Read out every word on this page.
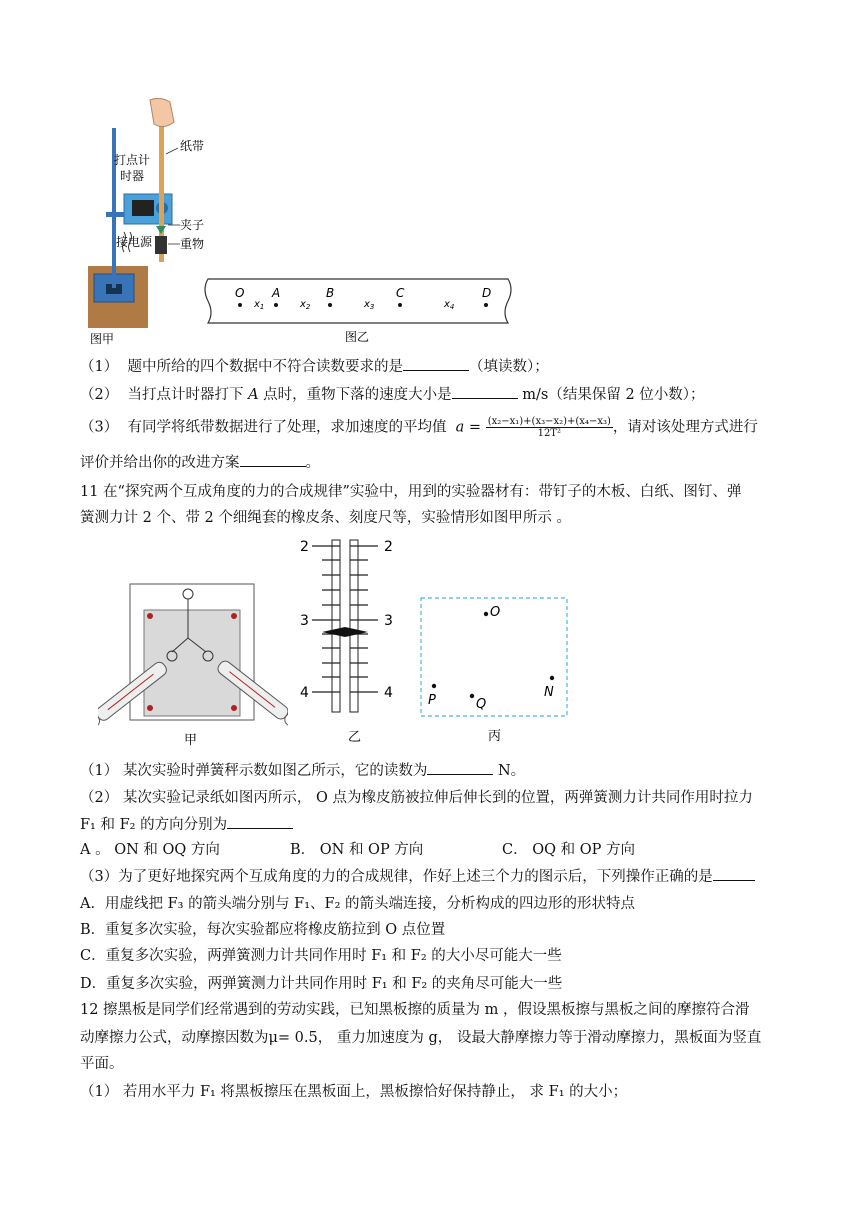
纸带
打点计
时器
夹子
接电源 重物
图甲
O A	B	C	D
$x_1$	$x_2$	$x_3$	$x_4$
图乙
（1） 题中所给的四个数据中不符合读数要求的是	（填读数）；
（2） 当打点计时器打下 A 点时，重物下落的速度大小是	m/s（结果保留 2 位小数）；
（3） 有同学将纸带数据进行了处理，求加速度的平均值 $a = \frac{\text{(x₂−x₁)+(x₃−x₂)+(x₄−x₃)}}{\text{12T²}}$ ，请对该处理方式进行
评价并给出你的改进方案	。
11 在“探究两个互成角度的力的合成规律”实验中，用到的实验器材有：带钉子的木板、白纸、图钉、弹
簧测力计 2 个、带 2 个细绳套的橡皮条、刻度尺等，实验情形如图甲所示 。
甲
2	2
3	3
4	4
乙
O
P	Q
N
丙
（1） 某次实验时弹簧秤示数如图乙所示，它的读数为	N。
（2） 某次实验记录纸如图丙所示， O 点为橡皮筋被拉伸后伸长到的位置，两弹簧测力计共同作用时拉力
F₁ 和 F₂ 的方向分别为
A 。 ON 和 OQ 方向	B． ON 和 OP 方向	C． OQ 和 OP 方向
（3）为了更好地探究两个互成角度的力的合成规律，作好上述三个力的图示后，下列操作正确的是
A．用虚线把 F₃ 的箭头端分别与 F₁、F₂ 的箭头端连接，分析构成的四边形的形状特点
B．重复多次实验，每次实验都应将橡皮筋拉到 O 点位置
C．重复多次实验，两弹簧测力计共同作用时 F₁ 和 F₂ 的大小尽可能大一些
D．重复多次实验，两弹簧测力计共同作用时 F₁ 和 F₂ 的夹角尽可能大一些
12 擦黑板是同学们经常遇到的劳动实践，已知黑板擦的质量为 m ，假设黑板擦与黑板之间的摩擦符合滑
动摩擦力公式，动摩擦因数为μ= 0.5， 重力加速度为 g， 设最大静摩擦力等于滑动摩擦力，黑板面为竖直
平面。
（1） 若用水平力 F₁ 将黑板擦压在黑板面上，黑板擦恰好保持静止， 求 F₁ 的大小；
